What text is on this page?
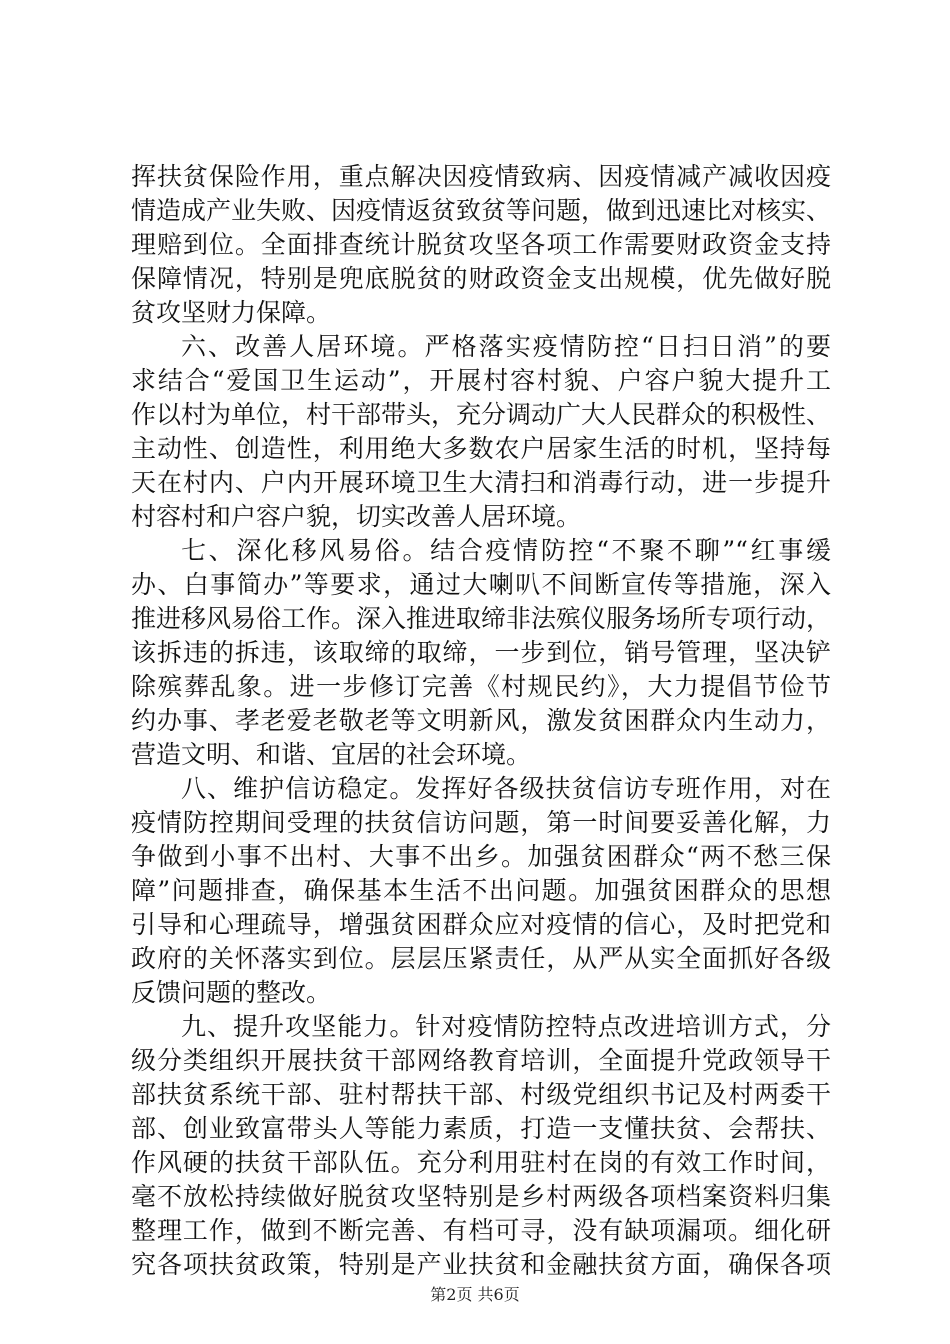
挥扶贫保险作用，重点解决因疫情致病、因疫情减产减收因疫
情造成产业失败、因疫情返贫致贫等问题，做到迅速比对核实、
理赔到位。全面排查统计脱贫攻坚各项工作需要财政资金支持
保障情况，特别是兜底脱贫的财政资金支出规模，优先做好脱
贫攻坚财力保障。
六、改善人居环境。严格落实疫情防控“日扫日消”的要
求结合“爱国卫生运动”，开展村容村貌、户容户貌大提升工
作以村为单位，村干部带头，充分调动广大人民群众的积极性、
主动性、创造性，利用绝大多数农户居家生活的时机，坚持每
天在村内、户内开展环境卫生大清扫和消毒行动，进一步提升
村容村和户容户貌，切实改善人居环境。
七、深化移风易俗。结合疫情防控“不聚不聊”“红事缓
办、白事简办”等要求，通过大喇叭不间断宣传等措施，深入
推进移风易俗工作。深入推进取缔非法殡仪服务场所专项行动，
该拆违的拆违，该取缔的取缔，一步到位，销号管理，坚决铲
除殡葬乱象。进一步修订完善《村规民约》，大力提倡节俭节
约办事、孝老爱老敬老等文明新风，激发贫困群众内生动力，
营造文明、和谐、宜居的社会环境。
八、维护信访稳定。发挥好各级扶贫信访专班作用，对在
疫情防控期间受理的扶贫信访问题，第一时间要妥善化解，力
争做到小事不出村、大事不出乡。加强贫困群众“两不愁三保
障”问题排查，确保基本生活不出问题。加强贫困群众的思想
引导和心理疏导，增强贫困群众应对疫情的信心，及时把党和
政府的关怀落实到位。层层压紧责任，从严从实全面抓好各级
反馈问题的整改。
九、提升攻坚能力。针对疫情防控特点改进培训方式，分
级分类组织开展扶贫干部网络教育培训，全面提升党政领导干
部扶贫系统干部、驻村帮扶干部、村级党组织书记及村两委干
部、创业致富带头人等能力素质，打造一支懂扶贫、会帮扶、
作风硬的扶贫干部队伍。充分利用驻村在岗的有效工作时间，
毫不放松持续做好脱贫攻坚特别是乡村两级各项档案资料归集
整理工作，做到不断完善、有档可寻，没有缺项漏项。细化研
究各项扶贫政策，特别是产业扶贫和金融扶贫方面，确保各项
第2页 共6页
